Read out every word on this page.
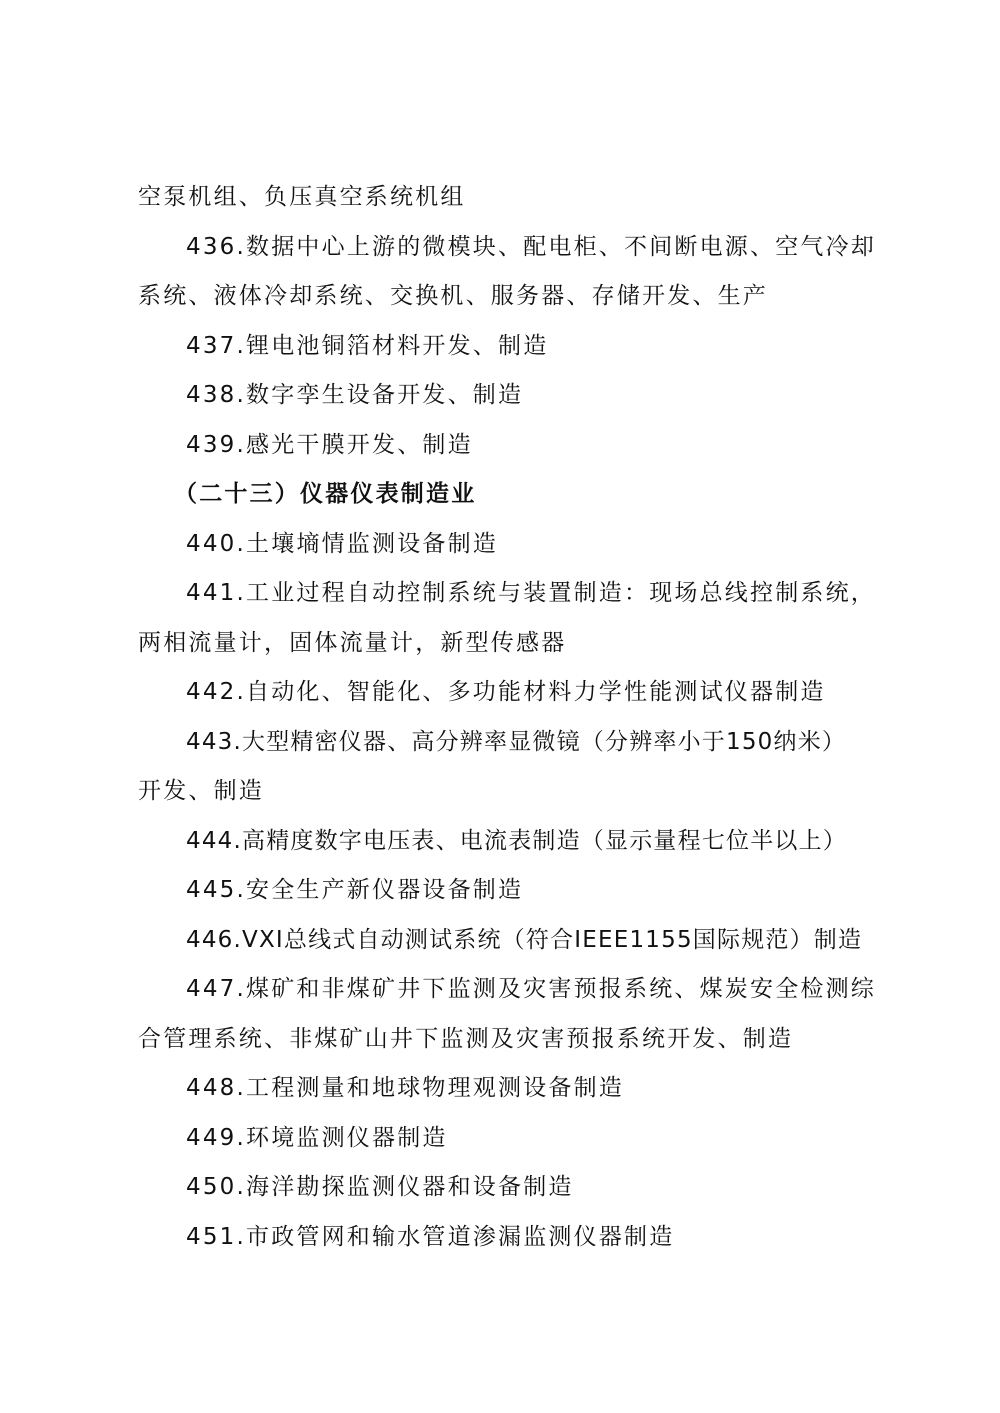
空泵机组、负压真空系统机组
436.数据中心上游的微模块、配电柜、不间断电源、空气冷却
系统、液体冷却系统、交换机、服务器、存储开发、生产
437.锂电池铜箔材料开发、制造
438.数字孪生设备开发、制造
439.感光干膜开发、制造
（二十三）仪器仪表制造业
440.土壤墒情监测设备制造
441.工业过程自动控制系统与装置制造：现场总线控制系统，
两相流量计，固体流量计，新型传感器
442.自动化、智能化、多功能材料力学性能测试仪器制造
443.大型精密仪器、高分辨率显微镜（分辨率小于150纳米）
开发、制造
444.高精度数字电压表、电流表制造（显示量程七位半以上）
445.安全生产新仪器设备制造
446.VXI总线式自动测试系统（符合IEEE1155国际规范）制造
447.煤矿和非煤矿井下监测及灾害预报系统、煤炭安全检测综
合管理系统、非煤矿山井下监测及灾害预报系统开发、制造
448.工程测量和地球物理观测设备制造
449.环境监测仪器制造
450.海洋勘探监测仪器和设备制造
451.市政管网和输水管道渗漏监测仪器制造
